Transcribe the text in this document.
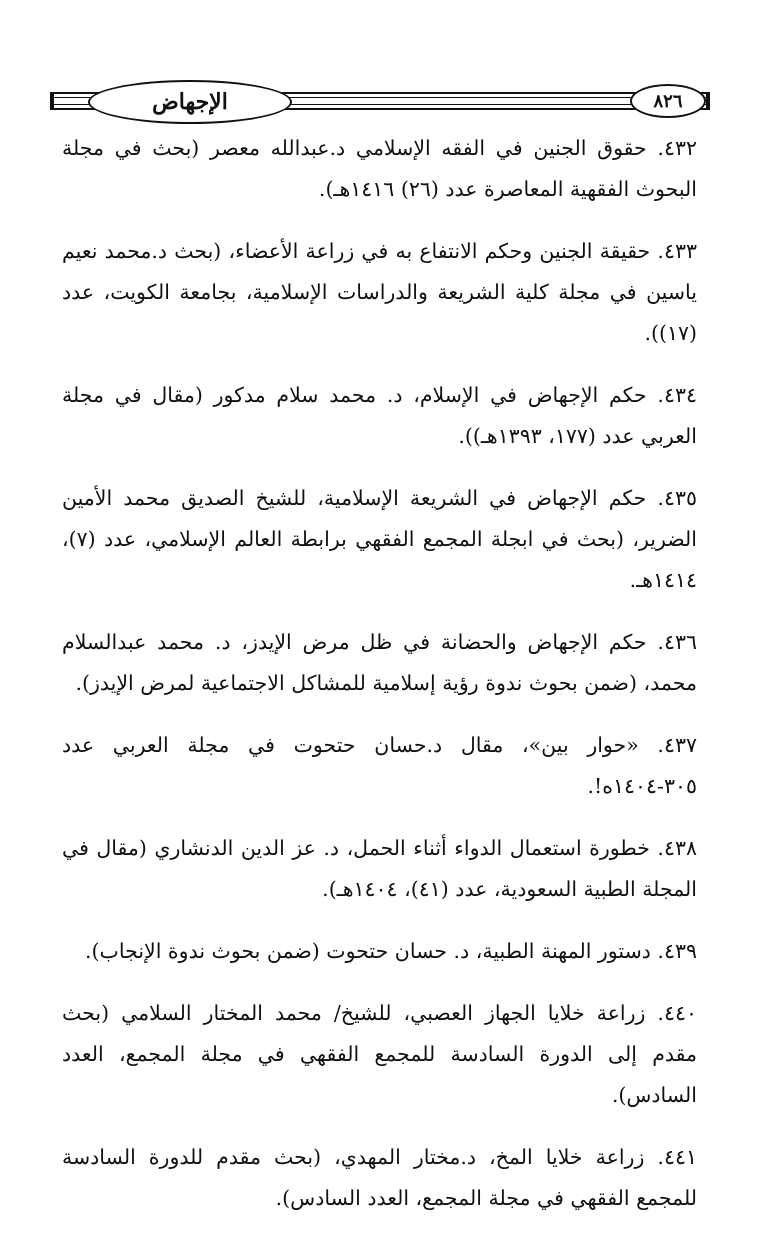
الإجهاض	٨٢٦

٤٣٢. حقوق الجنين في الفقه الإسلامي د.عبدالله معصر (بحث في مجلة البحوث الفقهية المعاصرة عدد (٢٦) ١٤١٦هـ).

٤٣٣. حقيقة الجنين وحكم الانتفاع به في زراعة الأعضاء، (بحث د.محمد نعيم ياسين في مجلة كلية الشريعة والدراسات الإسلامية، بجامعة الكويت، عدد (١٧)).

٤٣٤. حكم الإجهاض في الإسلام، د. محمد سلام مدكور (مقال في مجلة العربي عدد (١٧٧، ١٣٩٣هـ)).

٤٣٥. حكم الإجهاض في الشريعة الإسلامية، للشيخ الصديق محمد الأمين الضرير، (بحث في ابجلة المجمع الفقهي برابطة العالم الإسلامي، عدد (٧)، ١٤١٤هـ.

٤٣٦. حكم الإجهاض والحضانة في ظل مرض الإيدز، د. محمد عبدالسلام محمد، (ضمن بحوث ندوة رؤية إسلامية للمشاكل الاجتماعية لمرض الإيدز).

٤٣٧. «حوار بين»، مقال د.حسان حتحوت في مجلة العربي عدد ٣٠٥-١٤٠٤ه!.

٤٣٨. خطورة استعمال الدواء أثناء الحمل، د. عز الدين الدنشاري (مقال في المجلة الطبية السعودية، عدد (٤١)، ١٤٠٤هـ).

٤٣٩. دستور المهنة الطبية، د. حسان حتحوت (ضمن بحوث ندوة الإنجاب).

٤٤٠. زراعة خلايا الجهاز العصبي، للشيخ/ محمد المختار السلامي (بحث مقدم إلى الدورة السادسة للمجمع الفقهي في مجلة المجمع، العدد السادس).

٤٤١. زراعة خلايا المخ، د.مختار المهدي، (بحث مقدم للدورة السادسة للمجمع الفقهي في مجلة المجمع، العدد السادس).
